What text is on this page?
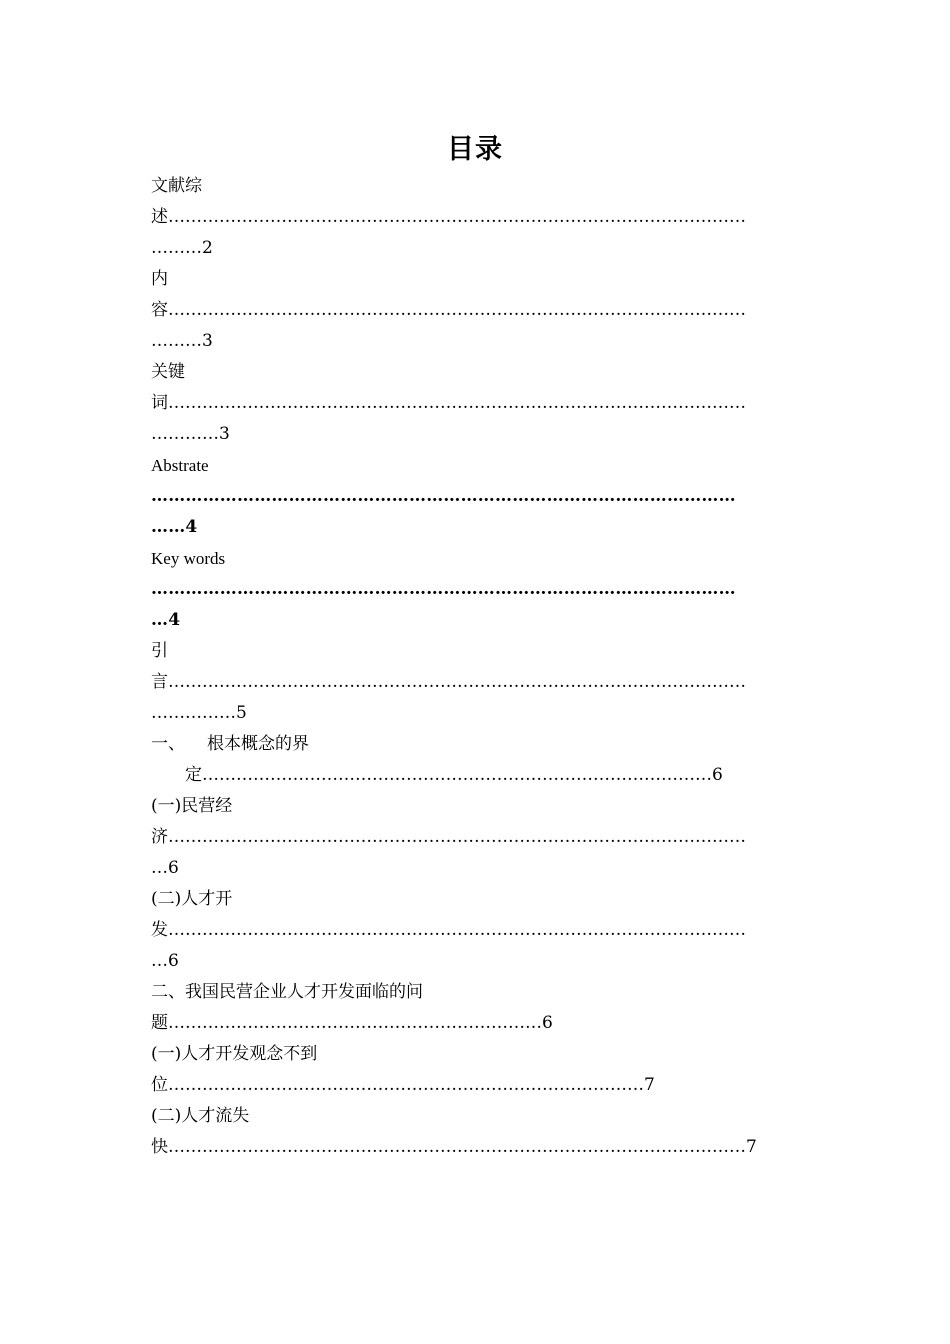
目录
文献综
述…………………………………………………………………………………………
………2
内
容…………………………………………………………………………………………
………3
关键
词…………………………………………………………………………………………
…………3
Abstrate
…………………………………………………………………………………………
……4
Key words
…………………………………………………………………………………………
…4
引
言…………………………………………………………………………………………
……………5
一、 根本概念的界
定………………………………………………………………………………6
(一)民营经
济…………………………………………………………………………………………
…6
(二)人才开
发…………………………………………………………………………………………
…6
二、我国民营企业人才开发面临的问
题…………………………………………………………6
(一)人才开发观念不到
位…………………………………………………………………………7
(二)人才流失
快…………………………………………………………………………………………7
